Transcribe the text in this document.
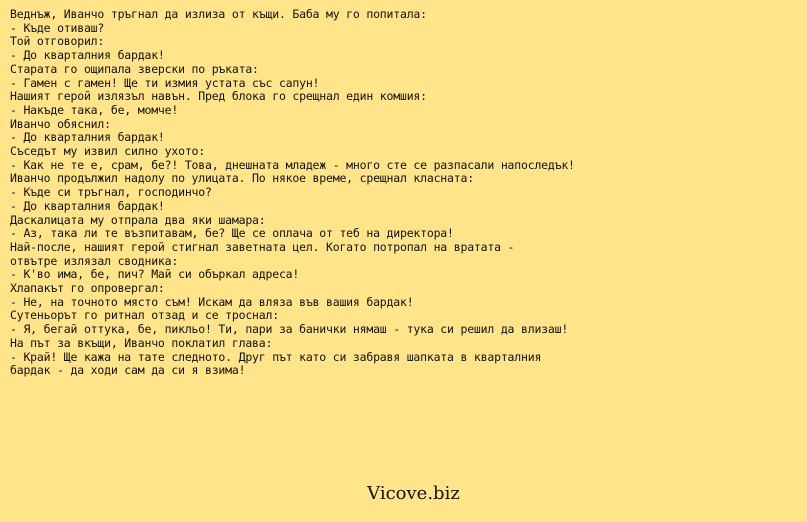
Веднъж, Иванчо тръгнал да излиза от къщи. Баба му го попитала:
- Къде отиваш?
Той отговорил:
- До кварталния бардак!
Старата го ощипала зверски по ръката:
- Гамен с гамен! Ще ти измия устата със сапун!
Нашият герой излязъл навън. Пред блока го срещнал един комшия:
- Накъде така, бе, момче!
Иванчо обяснил:
- До кварталния бардак!
Съседът му извил силно ухото:
- Как не те е, срам, бе?! Това, днешната младеж - много сте се разпасали напоследък!
Иванчо продължил надолу по улицата. По някое време, срещнал класната:
- Къде си тръгнал, господинчо?
- До кварталния бардак!
Даскалицата му отпрала два яки шамара:
- Аз, така ли те възпитавам, бе? Ще се оплача от теб на директора!
Най-после, нашият герой стигнал заветната цел. Когато потропал на вратата -
отвътре излязал сводника:
- К'во има, бе, пич? Май си объркал адреса!
Хлапакът го опровергал:
- Не, на точното място съм! Искам да вляза във вашия бардак!
Сутеньорът го ритнал отзад и се троснал:
- Я, бегай оттука, бе, пикльо! Ти, пари за банички нямаш - тука си решил да влизаш!
На път за вкъщи, Иванчо поклатил глава:
- Край! Ще кажа на тате следното. Друг път като си забравя шапката в кварталния
бардак - да ходи сам да си я взима!
Vicove.biz
